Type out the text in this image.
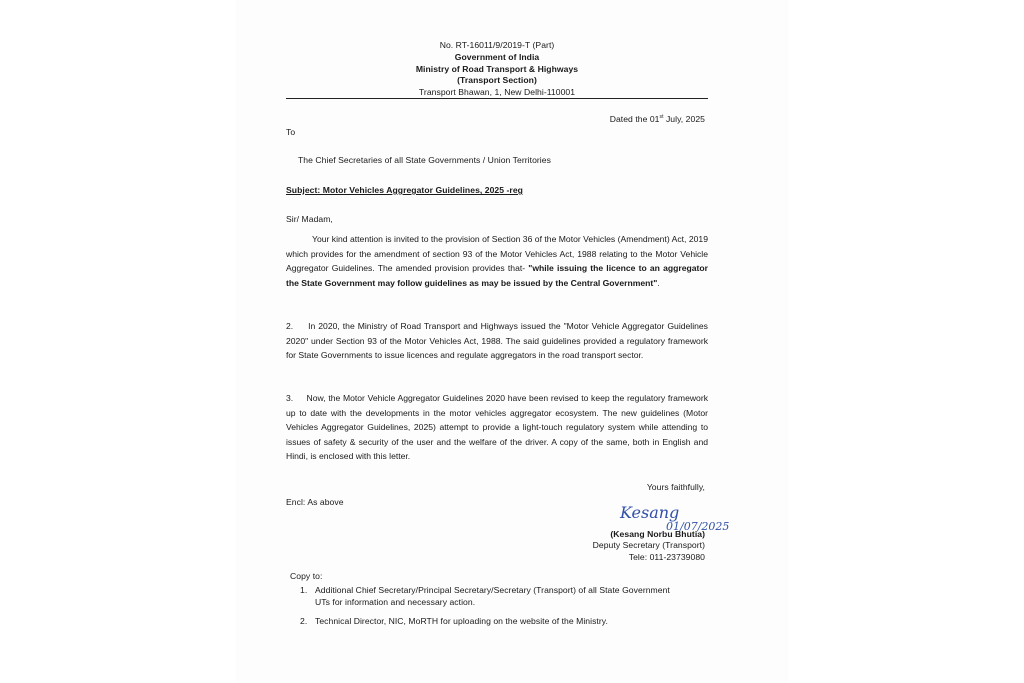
No. RT-16011/9/2019-T (Part)
Government of India
Ministry of Road Transport & Highways
(Transport Section)
Transport Bhawan, 1, New Delhi-110001
Dated the 01st July, 2025
To
The Chief Secretaries of all State Governments / Union Territories
Subject: Motor Vehicles Aggregator Guidelines, 2025 -reg
Sir/ Madam,
Your kind attention is invited to the provision of Section 36 of the Motor Vehicles (Amendment) Act, 2019 which provides for the amendment of section 93 of the Motor Vehicles Act, 1988 relating to the Motor Vehicle Aggregator Guidelines. The amended provision provides that- "while issuing the licence to an aggregator the State Government may follow guidelines as may be issued by the Central Government".
2. In 2020, the Ministry of Road Transport and Highways issued the "Motor Vehicle Aggregator Guidelines 2020" under Section 93 of the Motor Vehicles Act, 1988. The said guidelines provided a regulatory framework for State Governments to issue licences and regulate aggregators in the road transport sector.
3. Now, the Motor Vehicle Aggregator Guidelines 2020 have been revised to keep the regulatory framework up to date with the developments in the motor vehicles aggregator ecosystem. The new guidelines (Motor Vehicles Aggregator Guidelines, 2025) attempt to provide a light-touch regulatory system while attending to issues of safety & security of the user and the welfare of the driver. A copy of the same, both in English and Hindi, is enclosed with this letter.
Yours faithfully,
Encl: As above
Kesang
01/07/2025
(Kesang Norbu Bhutia)
Deputy Secretary (Transport)
Tele: 011-23739080
Copy to:
1. Additional Chief Secretary/Principal Secretary/Secretary (Transport) of all State Government
UTs for information and necessary action.
2. Technical Director, NIC, MoRTH for uploading on the website of the Ministry.
